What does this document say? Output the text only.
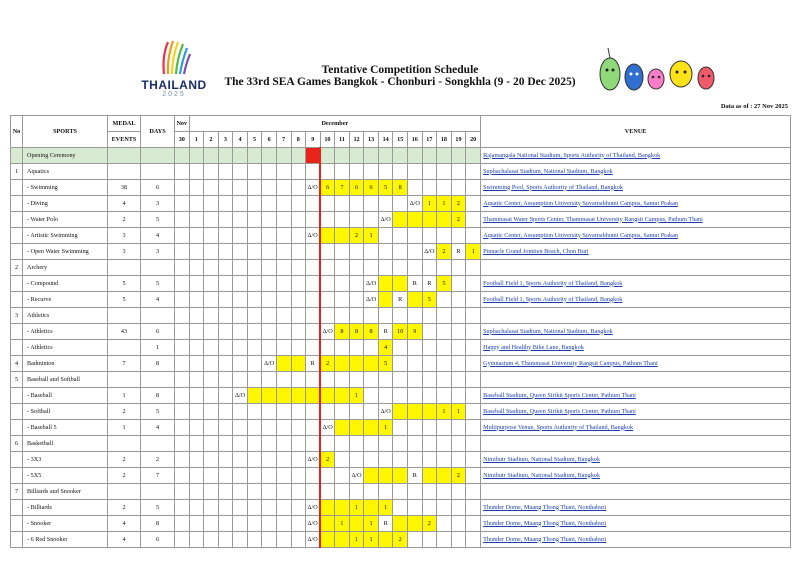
THAILAND
2025
Tentative Competition Schedule
The 33rd SEA Games Bangkok - Chonburi - Songkhla (9 - 20 Dec 2025)
Data as of : 27 Nov 2025
No	SPORTS	MEDAL	DAYS	Nov	December																				VENUE
		EVENTS		30	1	2	3	4	5	6	7	8	9	10	11	12	13	14	15	16	17	18	19	20	
	Opening Ceremony																								Rajamangala National Stadium, Sports Authority of Thailand, Bangkok
1	Aquatics																								Suphachalasai Stadium, National Stadium, Bangkok
	- Swimming	38	6										Δ/O	6	7	6	6	5	8						Swimming Pool, Sports Authority of Thailand, Bangkok
	- Diving	4	3																	Δ/O	1	1	2		Aquatic Center, Assumption University Suvarnabhumi Campus, Samut Prakan
	- Water Polo	2	5															Δ/O					2		Thammasat Water Sports Center, Thammasat University Rangsit Campus, Pathum Thani
	- Artistic Swimming	3	4										Δ/O			2	1								Aquatic Center, Assumption University Suvarnabhumi Campus, Samut Prakan
	- Open Water Swimming	3	3																		Δ/O	2	R	1	Pinnacle Grand Jomtien Beach, Chon Buri
2	Archery																								
	- Compound	5	5														Δ/O			R	R	5			Football Field 1, Sports Authority of Thailand, Bangkok
	- Recurve	5	4														Δ/O		R		5				Football Field 1, Sports Authority of Thailand, Bangkok
3	Athletics																								
	- Athletics	43	6											Δ/O	8	8	8	R	10	9					Suphachalasai Stadium, National Stadium, Bangkok
	- Athletics		1															4							Happy and Healthy Bike Lane, Bangkok
4	Badminton	7	8							Δ/O			R	2				5							Gymnasium 4, Thammasat University Rangsit Campus, Pathum Thani
5	Baseball and Softball																								
	- Baseball	1	8					Δ/O								1									Baseball Stadium, Queen Sirikit Sports Center, Pathum Thani
	- Softball	2	5															Δ/O				1	1		Baseball Stadium, Queen Sirikit Sports Center, Pathum Thani
	- Baseball 5	1	4											Δ/O				1							Multipurpose Venue, Sports Authority of Thailand, Bangkok
6	Basketball																								
	- 3X3	2	2										Δ/O	2											Nimibutr Stadium, National Stadium, Bangkok
	- 5X5	2	7													Δ/O				R			2		Nimibutr Stadium, National Stadium, Bangkok
7	Billiards and Snooker																								
	- Billiards	2	5										Δ/O			1		1							Thunder Dome, Muang Thong Thani, Nonthaburi
	- Snooker	4	8										Δ/O		1		1	R			2				Thunder Dome, Muang Thong Thani, Nonthaburi
	- 6 Red Snooker	4	6										Δ/O			1	1		2						Thunder Dome, Muang Thong Thani, Nonthaburi
